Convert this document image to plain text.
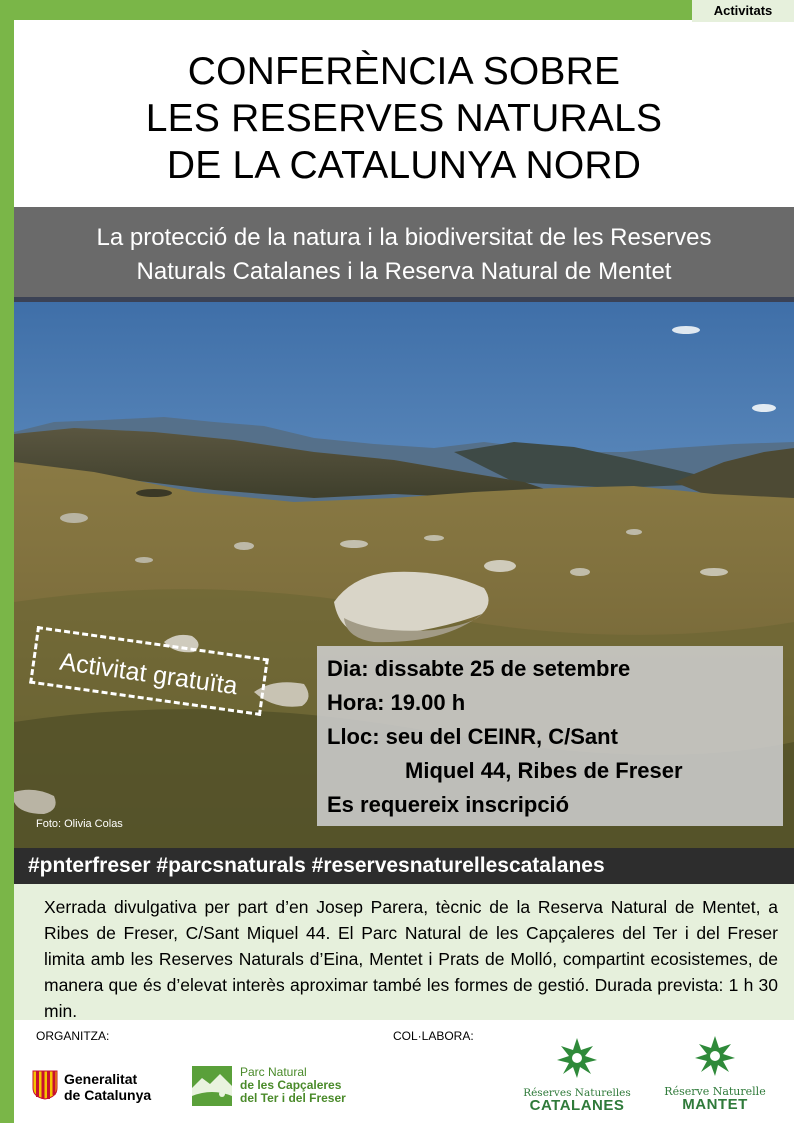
Activitats
CONFERÈNCIA SOBRE
LES RESERVES NATURALS
DE LA CATALUNYA NORD
La protecció de la natura i la biodiversitat de les Reserves
Naturals Catalanes i la Reserva Natural de Mentet
Activitat gratuïta	Dia: dissabte 25 de setembre
Hora: 19.00 h
Lloc: seu del CEINR, C/Sant
Miquel 44, Ribes de Freser
Es requereix inscripció
Foto: Olivia Colas
#pnterfreser #parcsnaturals #reservesnaturellescatalanes
Xerrada divulgativa per part d’en Josep Parera, tècnic de la Reserva Natural de Mentet, a Ribes de Freser, C/Sant Miquel 44. El Parc Natural de les Capçaleres del Ter i del Freser limita amb les Reserves Naturals d’Eina, Mentet i Prats de Molló, compartint ecosistemes, de manera que és d’elevat interès aproximar també les formes de gestió. Durada prevista: 1 h 30 min.
ORGANITZA:	COL·LABORA:
Generalitat
de Catalunya
Parc Natural
de les Capçaleres
del Ter i del Freser	Réserves Naturelles
CATALANES
Réserve Naturelle
MANTET
